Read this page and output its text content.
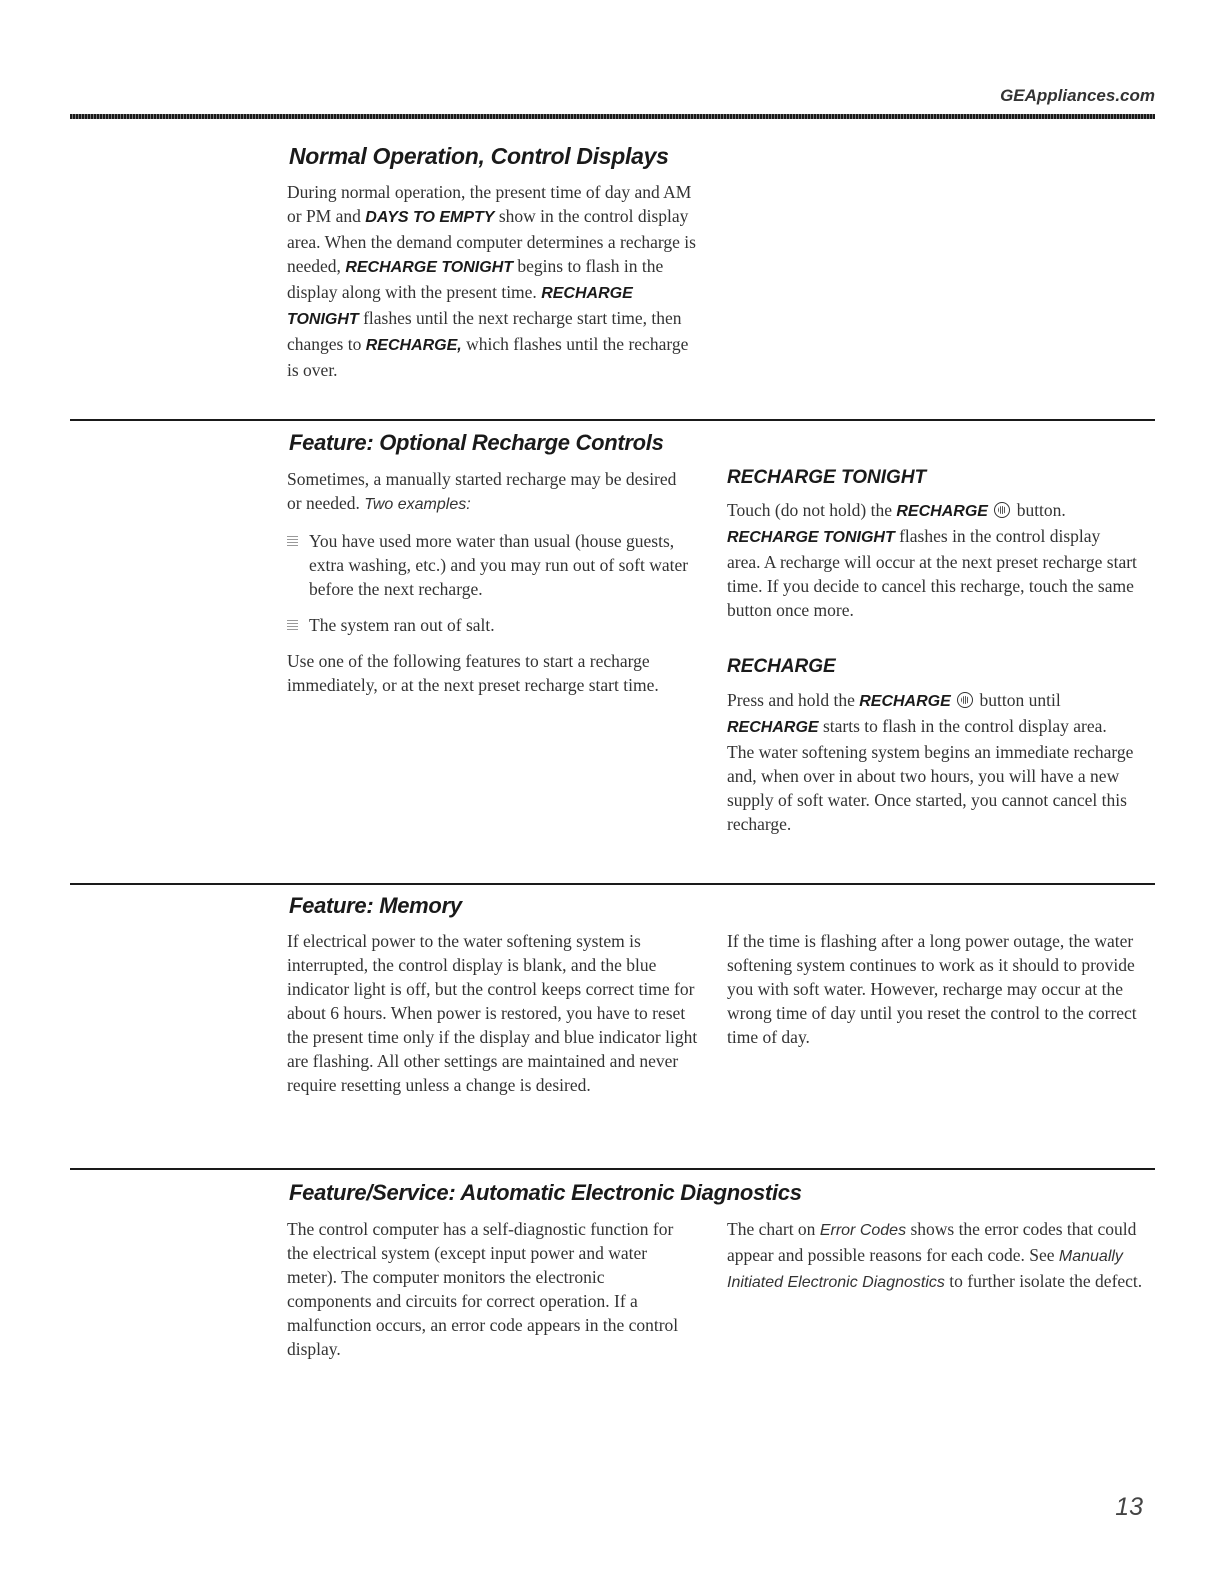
GEAppliances.com
Normal Operation, Control Displays
During normal operation, the present time of day and AM or PM and DAYS TO EMPTY show in the control display area. When the demand computer determines a recharge is needed, RECHARGE TONIGHT begins to flash in the display along with the present time. RECHARGE TONIGHT flashes until the next recharge start time, then changes to RECHARGE, which flashes until the recharge is over.
Feature: Optional Recharge Controls

Sometimes, a manually started recharge may be desired or needed. Two examples:

You have used more water than usual (house guests, extra washing, etc.) and you may run out of soft water before the next recharge.

The system ran out of salt.

Use one of the following features to start a recharge immediately, or at the next preset recharge start time.

RECHARGE TONIGHT
Touch (do not hold) the RECHARGE  button. RECHARGE TONIGHT flashes in the control display area. A recharge will occur at the next preset recharge start time. If you decide to cancel this recharge, touch the same button once more.
RECHARGE
Press and hold the RECHARGE  button until RECHARGE starts to flash in the control display area. The water softening system begins an immediate recharge and, when over in about two hours, you will have a new supply of soft water. Once started, you cannot cancel this recharge.
Feature: Memory
If electrical power to the water softening system is interrupted, the control display is blank, and the blue indicator light is off, but the control keeps correct time for about 6 hours. When power is restored, you have to reset the present time only if the display and blue indicator light are flashing. All other settings are maintained and never require resetting unless a change is desired.
If the time is flashing after a long power outage, the water softening system continues to work as it should to provide you with soft water. However, recharge may occur at the wrong time of day until you reset the control to the correct time of day.
Feature/Service: Automatic Electronic Diagnostics
The control computer has a self-diagnostic function for the electrical system (except input power and water meter). The computer monitors the electronic components and circuits for correct operation. If a malfunction occurs, an error code appears in the control display.
The chart on Error Codes shows the error codes that could appear and possible reasons for each code. See Manually Initiated Electronic Diagnostics to further isolate the defect.
13
